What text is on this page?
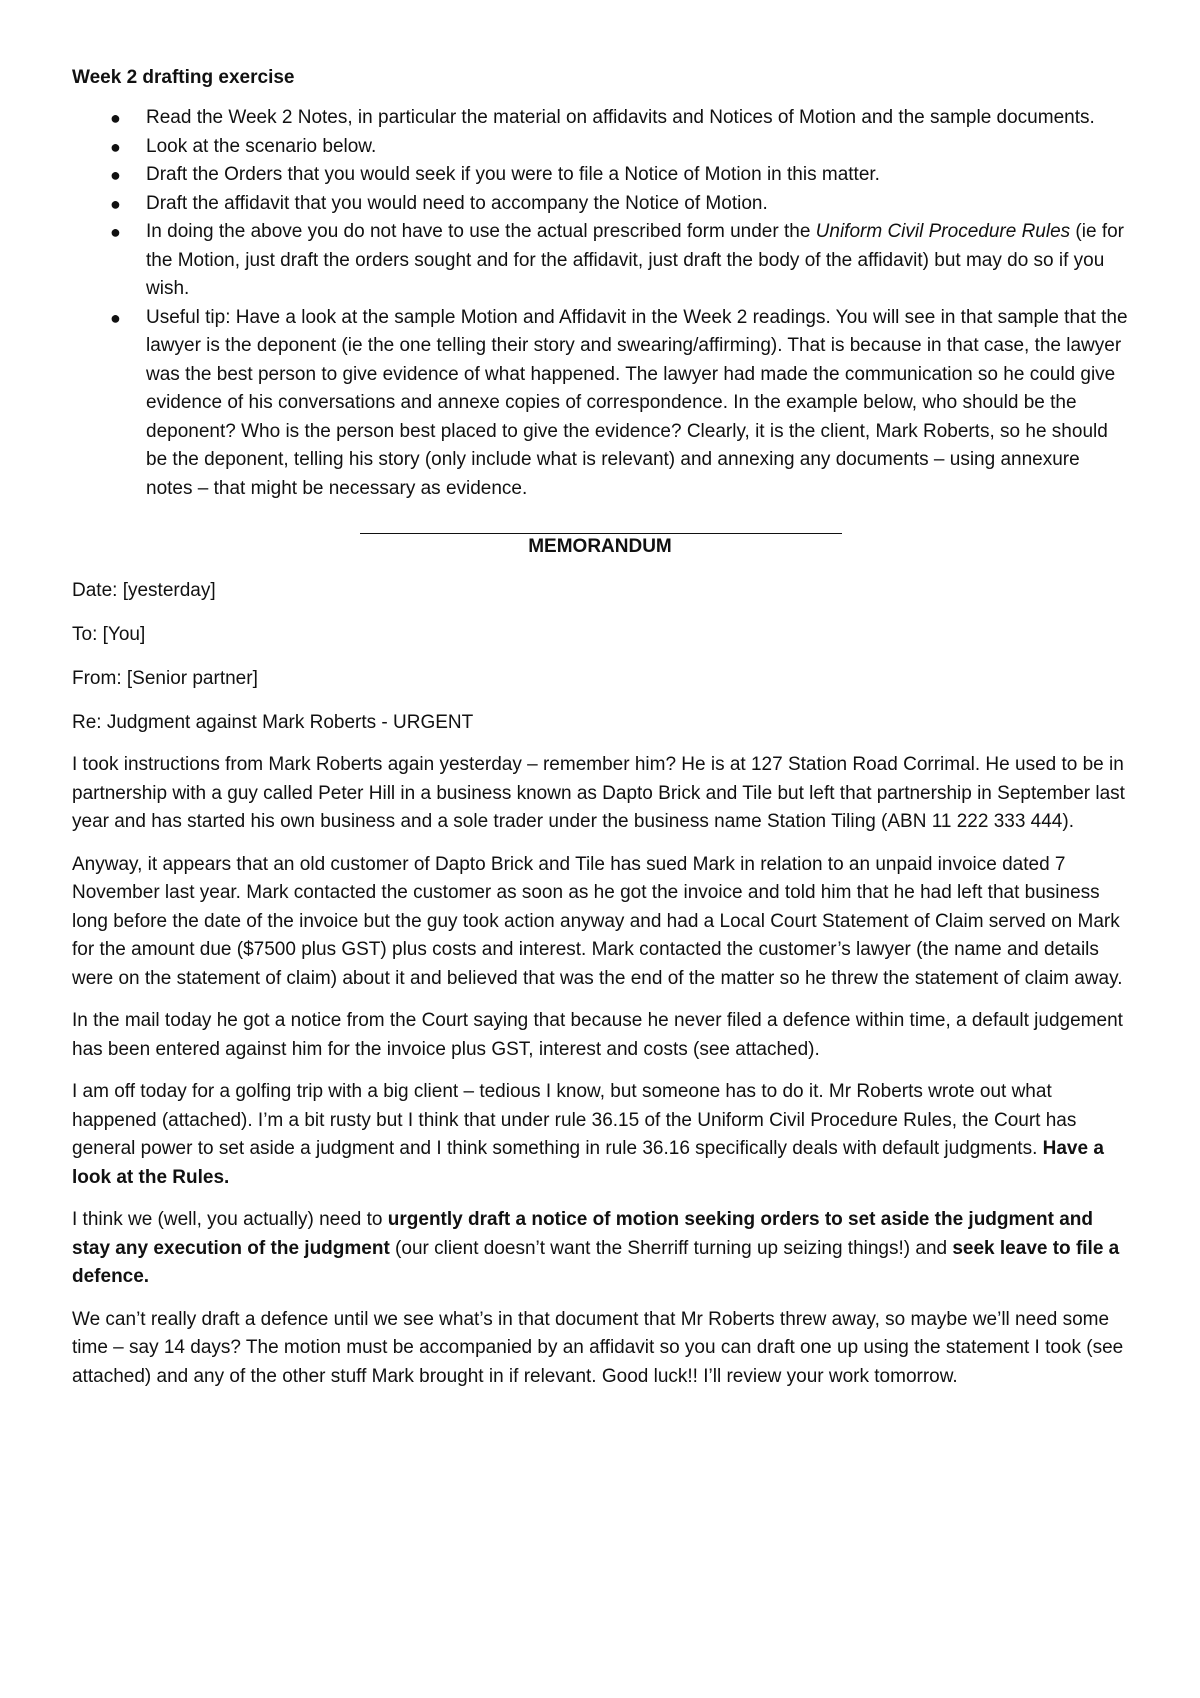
Week 2 drafting exercise
● Read the Week 2 Notes, in particular the material on affidavits and Notices of Motion and the sample documents.
● Look at the scenario below.
● Draft the Orders that you would seek if you were to file a Notice of Motion in this matter.
● Draft the affidavit that you would need to accompany the Notice of Motion.
● In doing the above you do not have to use the actual prescribed form under the Uniform Civil Procedure Rules (ie for the Motion, just draft the orders sought and for the affidavit, just draft the body of the affidavit) but may do so if you wish.
● Useful tip: Have a look at the sample Motion and Affidavit in the Week 2 readings. You will see in that sample that the lawyer is the deponent (ie the one telling their story and swearing/affirming). That is because in that case, the lawyer was the best person to give evidence of what happened. The lawyer had made the communication so he could give evidence of his conversations and annexe copies of correspondence. In the example below, who should be the deponent? Who is the person best placed to give the evidence? Clearly, it is the client, Mark Roberts, so he should be the deponent, telling his story (only include what is relevant) and annexing any documents – using annexure notes – that might be necessary as evidence.
MEMORANDUM
Date: [yesterday]
To: [You]
From: [Senior partner]
Re: Judgment against Mark Roberts - URGENT

I took instructions from Mark Roberts again yesterday – remember him? He is at 127 Station Road Corrimal. He used to be in partnership with a guy called Peter Hill in a business known as Dapto Brick and Tile but left that partnership in September last year and has started his own business and a sole trader under the business name Station Tiling (ABN 11 222 333 444).

Anyway, it appears that an old customer of Dapto Brick and Tile has sued Mark in relation to an unpaid invoice dated 7 November last year. Mark contacted the customer as soon as he got the invoice and told him that he had left that business long before the date of the invoice but the guy took action anyway and had a Local Court Statement of Claim served on Mark for the amount due ($7500 plus GST) plus costs and interest. Mark contacted the customer’s lawyer (the name and details were on the statement of claim) about it and believed that was the end of the matter so he threw the statement of claim away.

In the mail today he got a notice from the Court saying that because he never filed a defence within time, a default judgement has been entered against him for the invoice plus GST, interest and costs (see attached).

I am off today for a golfing trip with a big client – tedious I know, but someone has to do it. Mr Roberts wrote out what happened (attached). I’m a bit rusty but I think that under rule 36.15 of the Uniform Civil Procedure Rules, the Court has general power to set aside a judgment and I think something in rule 36.16 specifically deals with default judgments. Have a look at the Rules.

I think we (well, you actually) need to urgently draft a notice of motion seeking orders to set aside the judgment and stay any execution of the judgment (our client doesn’t want the Sherriff turning up seizing things!) and seek leave to file a defence.

We can’t really draft a defence until we see what’s in that document that Mr Roberts threw away, so maybe we’ll need some time – say 14 days? The motion must be accompanied by an affidavit so you can draft one up using the statement I took (see attached) and any of the other stuff Mark brought in if relevant. Good luck!! I’ll review your work tomorrow.
